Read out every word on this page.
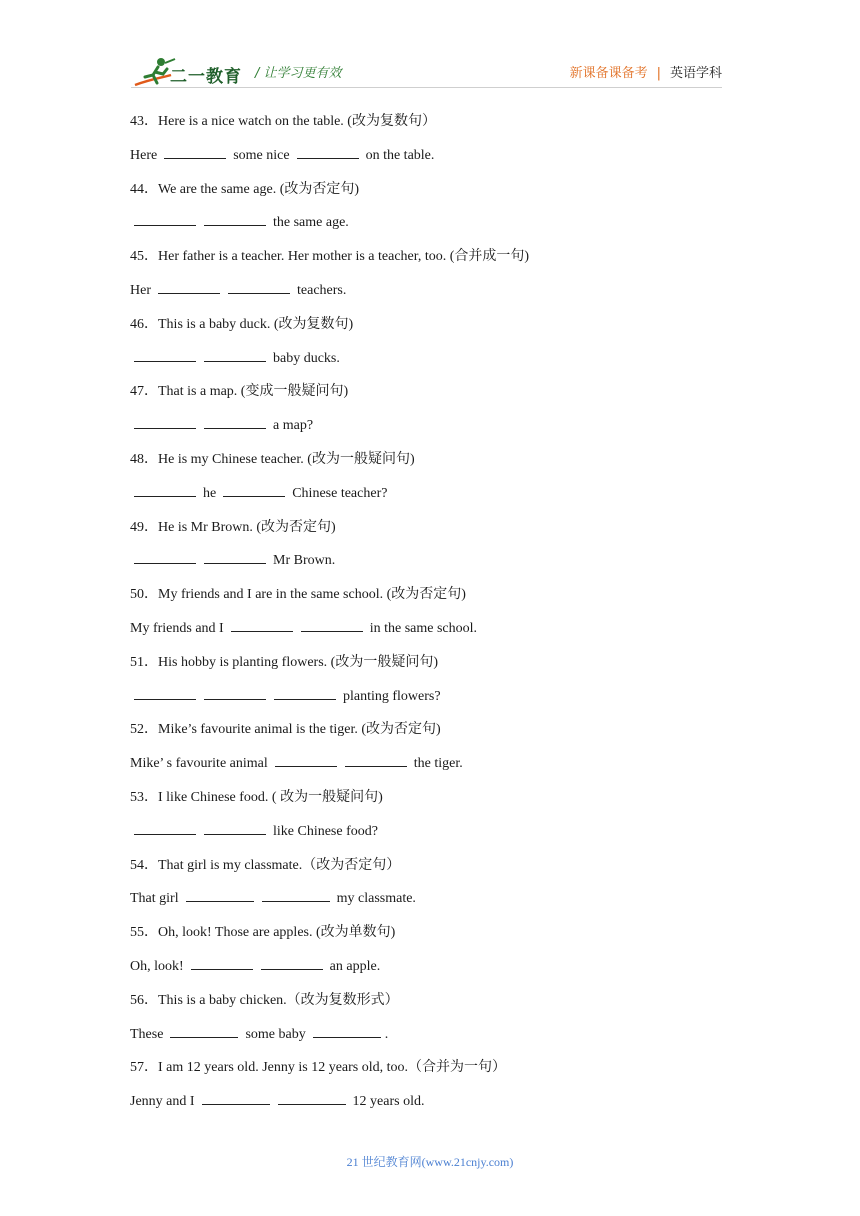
二一教育 / 让学习更有效	新课备课备考 | 英语学科
43．Here is a nice watch on the table. (改为复数句）
Here	some nice	on the table.
44．We are the same age. (改为否定句)
the same age.
45．Her father is a teacher. Her mother is a teacher, too. (合并成一句)
Her	teachers.
46．This is a baby duck. (改为复数句)
baby ducks.
47．That is a map. (变成一般疑问句)
a map?
48．He is my Chinese teacher. (改为一般疑问句)
he	Chinese teacher?
49．He is Mr Brown. (改为否定句)
Mr Brown.
50．My friends and I are in the same school. (改为否定句)
My friends and I	in the same school.
51．His hobby is planting flowers. (改为一般疑问句)
planting flowers?
52．Mike’s favourite animal is the tiger. (改为否定句)
Mike’ s favourite animal	the tiger.
53．I like Chinese food. ( 改为一般疑问句)
like Chinese food?
54．That girl is my classmate.（改为否定句）
That girl	my classmate.
55．Oh, look! Those are apples. (改为单数句)
Oh, look!	an apple.
56．This is a baby chicken.（改为复数形式）
These	some baby	.
57．I am 12 years old. Jenny is 12 years old, too.（合并为一句）
Jenny and I	12 years old.
21 世纪教育网(www.21cnjy.com)
